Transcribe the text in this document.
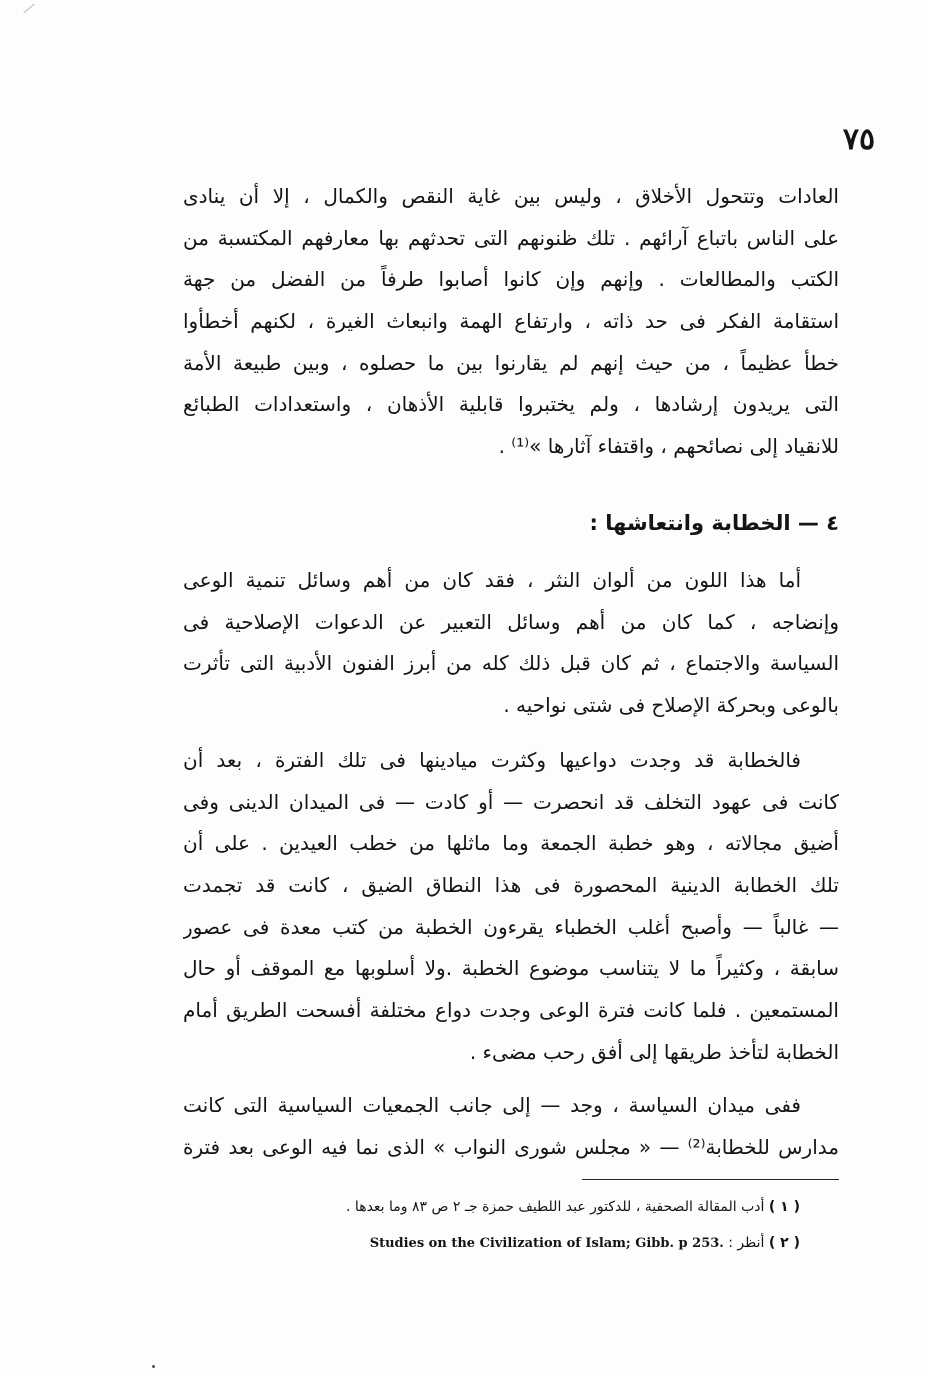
٧٥
العادات وتتحول الأخلاق ، وليس بين غاية النقص والكمال ، إلا أن ينادى
على الناس باتباع آرائهم . تلك ظنونهم التى تحدثهم بها معارفهم المكتسبة من
الكتب والمطالعات . وإنهم وإن كانوا أصابوا طرفاً من الفضل من جهة
استقامة الفكر فى حد ذاته ، وارتفاع الهمة وانبعاث الغيرة ، لكنهم أخطأوا
خطأ عظيماً ، من حيث إنهم لم يقارنوا بين ما حصلوه ، وبين طبيعة الأمة
التى يريدون إرشادها ، ولم يختبروا قابلية الأذهان ، واستعدادات الطبائع
للانقياد إلى نصائحهم ، واقتفاء آثارها »⁽¹⁾ .
٤ — الخطابة وانتعاشها :
أما هذا اللون من ألوان النثر ، فقد كان من أهم وسائل تنمية الوعى
وإنضاجه ، كما كان من أهم وسائل التعبير عن الدعوات الإصلاحية فى
السياسة والاجتماع ، ثم كان قبل ذلك كله من أبرز الفنون الأدبية التى تأثرت
بالوعى وبحركة الإصلاح فى شتى نواحيه .
فالخطابة قد وجدت دواعيها وكثرت ميادينها فى تلك الفترة ، بعد أن
كانت فى عهود التخلف قد انحصرت — أو كادت — فى الميدان الدينى وفى
أضيق مجالاته ، وهو خطبة الجمعة وما ماثلها من خطب العيدين . على أن
تلك الخطابة الدينية المحصورة فى هذا النطاق الضيق ، كانت قد تجمدت
— غالباً — وأصبح أغلب الخطباء يقرءون الخطبة من كتب معدة فى عصور
سابقة ، وكثيراً ما لا يتناسب موضوع الخطبة .ولا أسلوبها مع الموقف أو حال
المستمعين . فلما كانت فترة الوعى وجدت دواع مختلفة أفسحت الطريق أمام
الخطابة لتأخذ طريقها إلى أفق رحب مضىء .
ففى ميدان السياسة ، وجد — إلى جانب الجمعيات السياسية التى كانت
مدارس للخطابة⁽²⁾ — « مجلس شورى النواب » الذى نما فيه الوعى بعد فترة
( ١ ) أدب المقالة الصحفية ، للدكتور عبد اللطيف حمزة جـ ٢ ص ٨٣ وما بعدها .
( ٢ ) أنظر : Studies on the Civilization of Islam; Gibb. p 253.
